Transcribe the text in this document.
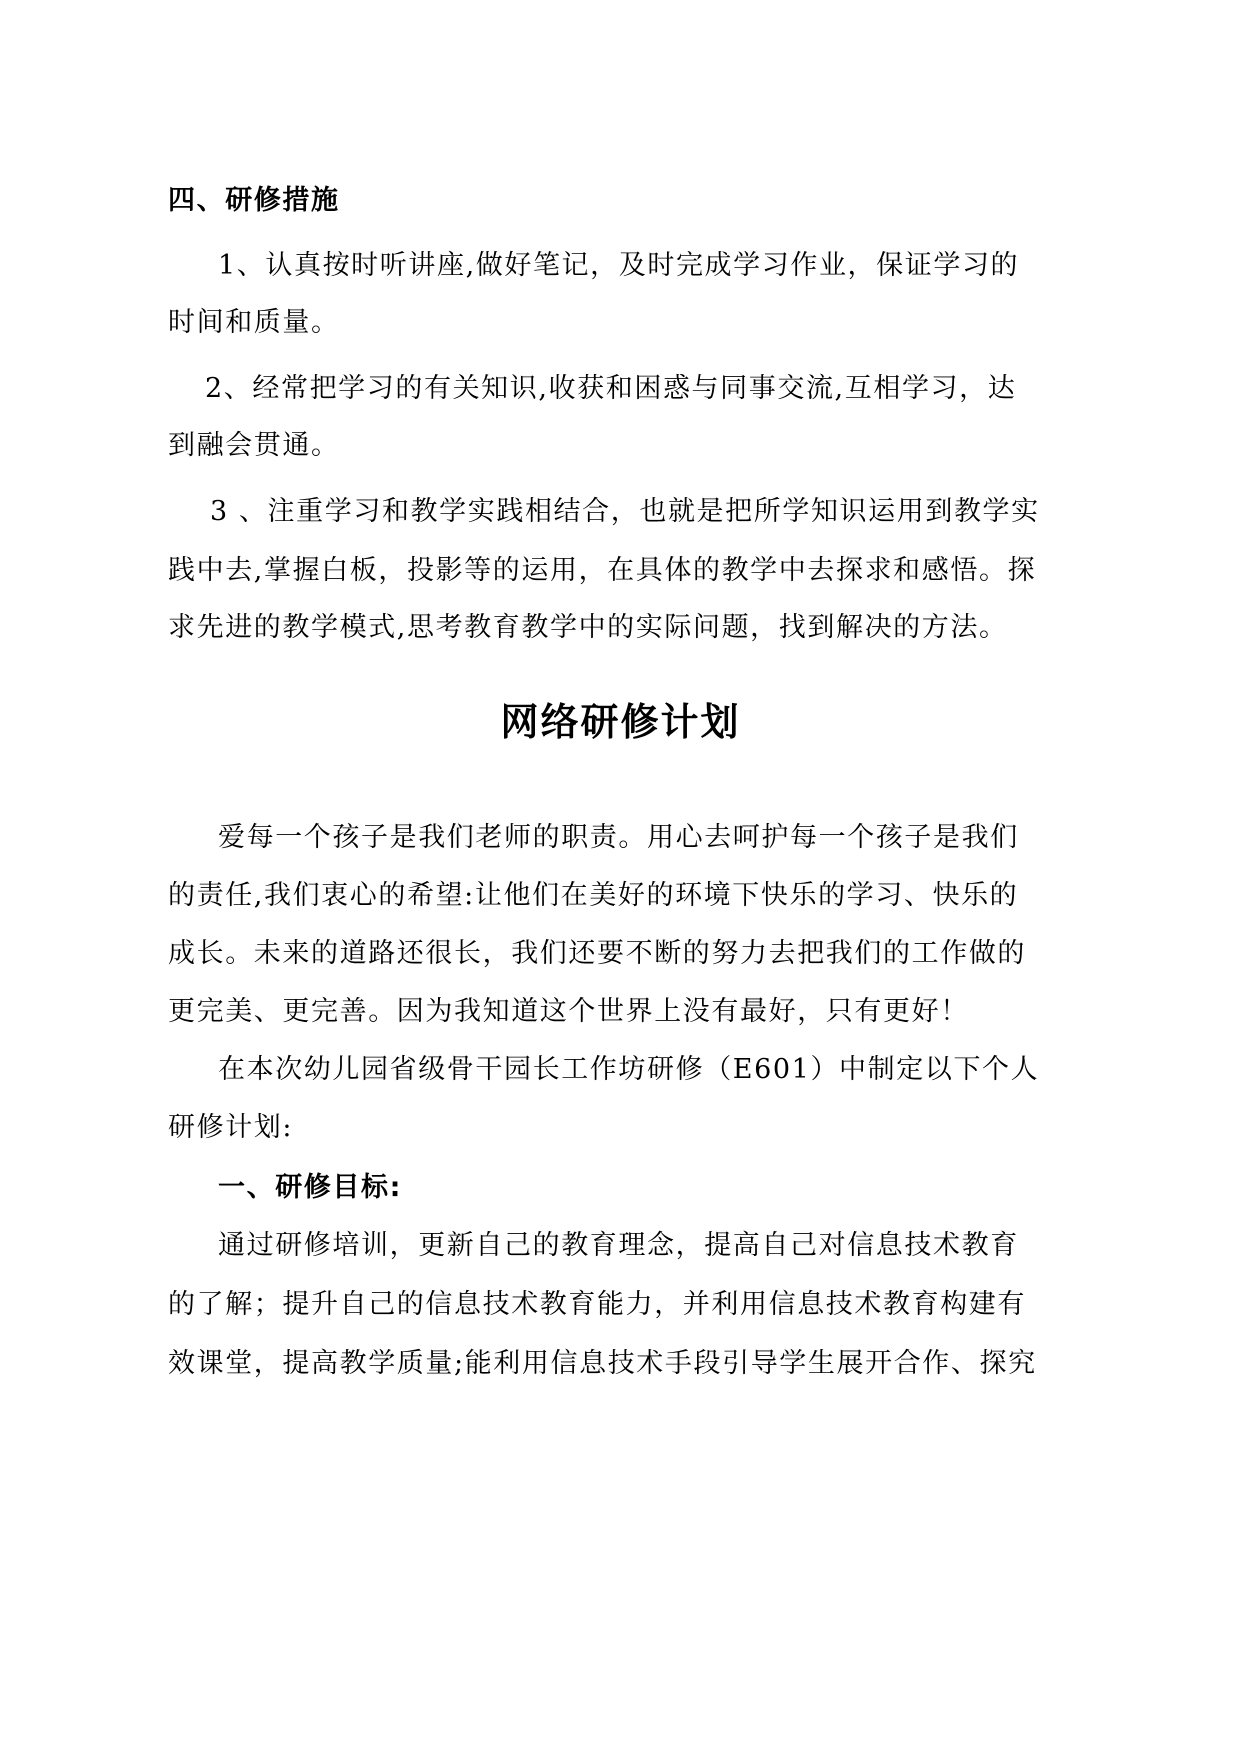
四、研修措施
1、认真按时听讲座,做好笔记，及时完成学习作业，保证学习的
时间和质量。
2、经常把学习的有关知识,收获和困惑与同事交流,互相学习，达
到融会贯通。
3 、注重学习和教学实践相结合，也就是把所学知识运用到教学实
践中去,掌握白板，投影等的运用，在具体的教学中去探求和感悟。探
求先进的教学模式,思考教育教学中的实际问题，找到解决的方法。
网络研修计划
爱每一个孩子是我们老师的职责。用心去呵护每一个孩子是我们
的责任,我们衷心的希望:让他们在美好的环境下快乐的学习、快乐的
成长。未来的道路还很长，我们还要不断的努力去把我们的工作做的
更完美、更完善。因为我知道这个世界上没有最好，只有更好！
在本次幼儿园省级骨干园长工作坊研修（E601）中制定以下个人
研修计划:
一、研修目标:
通过研修培训，更新自己的教育理念，提高自己对信息技术教育
的了解；提升自己的信息技术教育能力，并利用信息技术教育构建有
效课堂，提高教学质量;能利用信息技术手段引导学生展开合作、探究
